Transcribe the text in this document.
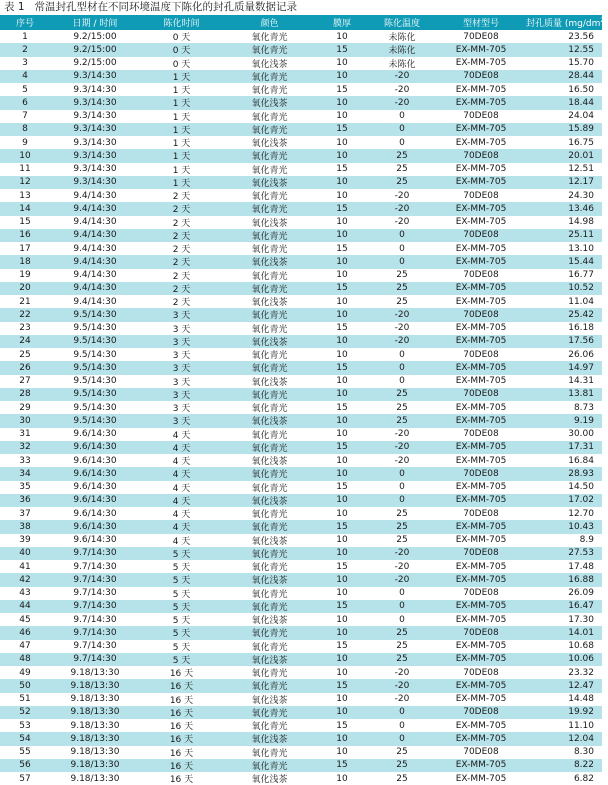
表 1 常温封孔型材在不同环境温度下陈化的封孔质量数据记录
序号	日期 / 时间	陈化时间	颜色	膜厚	陈化温度	型材型号	封孔质量 $(mg/dm^2)$
1	9.2/15:00	0 天	氧化青光	10	未陈化	70DE08	23.56
2	9.2/15:00	0 天	氧化青光	15	未陈化	EX-MM-705	12.55
3	9.2/15:00	0 天	氧化浅茶	10	未陈化	EX-MM-705	15.70
4	9.3/14:30	1 天	氧化青光	10	-20	70DE08	28.44
5	9.3/14:30	1 天	氧化青光	15	-20	EX-MM-705	16.50
6	9.3/14:30	1 天	氧化浅茶	10	-20	EX-MM-705	18.44
7	9.3/14:30	1 天	氧化青光	10	0	70DE08	24.04
8	9.3/14:30	1 天	氧化青光	15	0	EX-MM-705	15.89
9	9.3/14:30	1 天	氧化浅茶	10	0	EX-MM-705	16.75
10	9.3/14:30	1 天	氧化青光	10	25	70DE08	20.01
11	9.3/14:30	1 天	氧化青光	15	25	EX-MM-705	12.51
12	9.3/14:30	1 天	氧化浅茶	10	25	EX-MM-705	12.17
13	9.4/14:30	2 天	氧化青光	10	-20	70DE08	24.30
14	9.4/14:30	2 天	氧化青光	15	-20	EX-MM-705	13.46
15	9.4/14:30	2 天	氧化浅茶	10	-20	EX-MM-705	14.98
16	9.4/14:30	2 天	氧化青光	10	0	70DE08	25.11
17	9.4/14:30	2 天	氧化青光	15	0	EX-MM-705	13.10
18	9.4/14:30	2 天	氧化浅茶	10	0	EX-MM-705	15.44
19	9.4/14:30	2 天	氧化青光	10	25	70DE08	16.77
20	9.4/14:30	2 天	氧化青光	15	25	EX-MM-705	10.52
21	9.4/14:30	2 天	氧化浅茶	10	25	EX-MM-705	11.04
22	9.5/14:30	3 天	氧化青光	10	-20	70DE08	25.42
23	9.5/14:30	3 天	氧化青光	15	-20	EX-MM-705	16.18
24	9.5/14:30	3 天	氧化浅茶	10	-20	EX-MM-705	17.56
25	9.5/14:30	3 天	氧化青光	10	0	70DE08	26.06
26	9.5/14:30	3 天	氧化青光	15	0	EX-MM-705	14.97
27	9.5/14:30	3 天	氧化浅茶	10	0	EX-MM-705	14.31
28	9.5/14:30	3 天	氧化青光	10	25	70DE08	13.81
29	9.5/14:30	3 天	氧化青光	15	25	EX-MM-705	8.73
30	9.5/14:30	3 天	氧化浅茶	10	25	EX-MM-705	9.19
31	9.6/14:30	4 天	氧化青光	10	-20	70DE08	30.00
32	9.6/14:30	4 天	氧化青光	15	-20	EX-MM-705	17.31
33	9.6/14:30	4 天	氧化浅茶	10	-20	EX-MM-705	16.84
34	9.6/14:30	4 天	氧化青光	10	0	70DE08	28.93
35	9.6/14:30	4 天	氧化青光	15	0	EX-MM-705	14.50
36	9.6/14:30	4 天	氧化浅茶	10	0	EX-MM-705	17.02
37	9.6/14:30	4 天	氧化青光	10	25	70DE08	12.70
38	9.6/14:30	4 天	氧化青光	15	25	EX-MM-705	10.43
39	9.6/14:30	4 天	氧化浅茶	10	25	EX-MM-705	8.9
40	9.7/14:30	5 天	氧化青光	10	-20	70DE08	27.53
41	9.7/14:30	5 天	氧化青光	15	-20	EX-MM-705	17.48
42	9.7/14:30	5 天	氧化浅茶	10	-20	EX-MM-705	16.88
43	9.7/14:30	5 天	氧化青光	10	0	70DE08	26.09
44	9.7/14:30	5 天	氧化青光	15	0	EX-MM-705	16.47
45	9.7/14:30	5 天	氧化浅茶	10	0	EX-MM-705	17.30
46	9.7/14:30	5 天	氧化青光	10	25	70DE08	14.01
47	9.7/14:30	5 天	氧化青光	15	25	EX-MM-705	10.68
48	9.7/14:30	5 天	氧化浅茶	10	25	EX-MM-705	10.06
49	9.18/13:30	16 天	氧化青光	10	-20	70DE08	23.32
50	9.18/13:30	16 天	氧化青光	15	-20	EX-MM-705	12.47
51	9.18/13:30	16 天	氧化浅茶	10	-20	EX-MM-705	14.48
52	9.18/13:30	16 天	氧化青光	10	0	70DE08	19.92
53	9.18/13:30	16 天	氧化青光	15	0	EX-MM-705	11.10
54	9.18/13:30	16 天	氧化浅茶	10	0	EX-MM-705	12.04
55	9.18/13:30	16 天	氧化青光	10	25	70DE08	8.30
56	9.18/13:30	16 天	氧化青光	15	25	EX-MM-705	8.22
57	9.18/13:30	16 天	氧化浅茶	10	25	EX-MM-705	6.82
